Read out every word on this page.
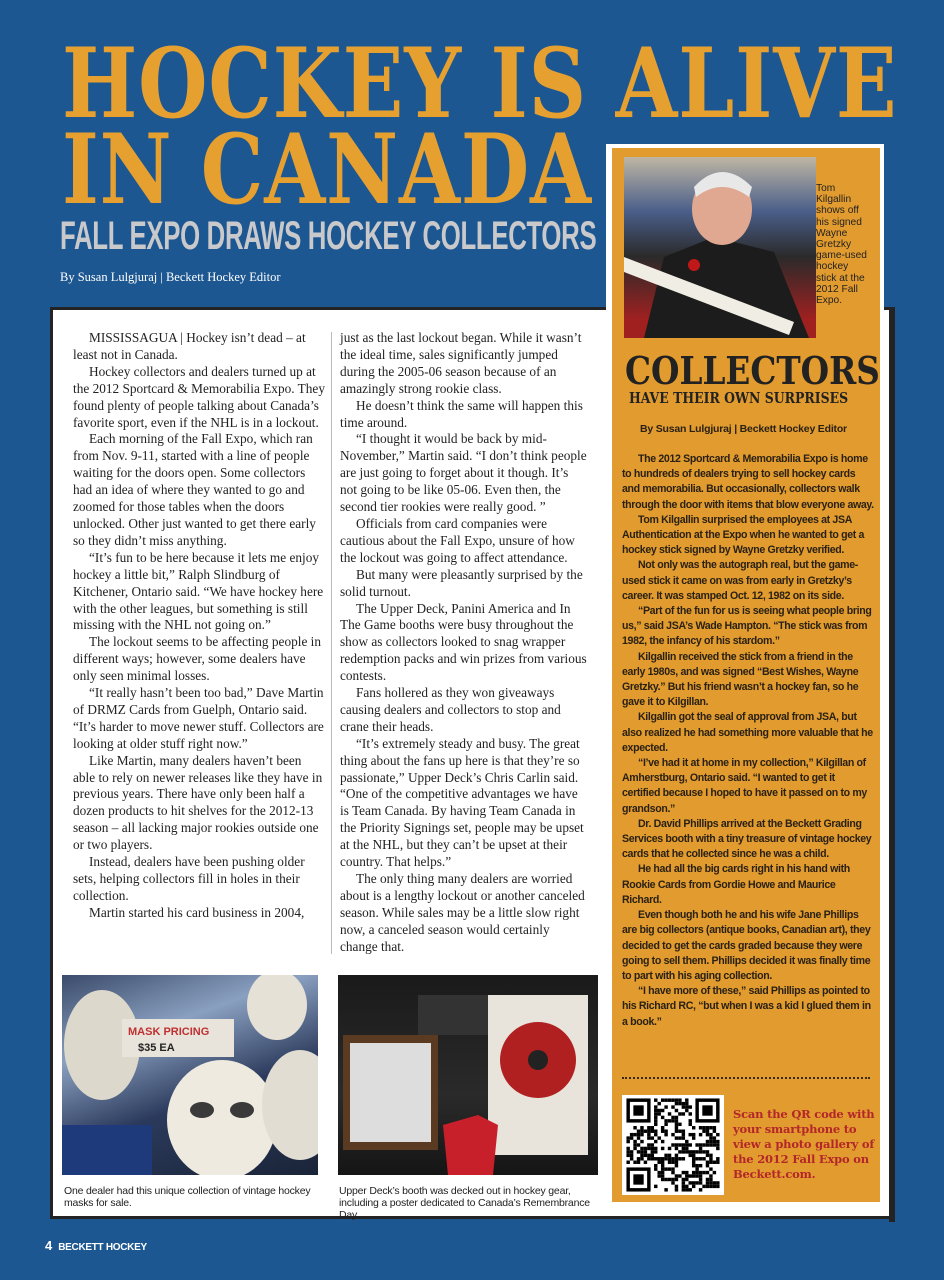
HOCKEY IS ALIVE
IN CANADA
FALL EXPO DRAWS HOCKEY COLLECTORS
By Susan Lulgjuraj | Beckett Hockey Editor

MISSISSAGUA | Hockey isn’t dead – at least not in Canada.

Hockey collectors and dealers turned up at the 2012 Sportcard & Memorabilia Expo. They found plenty of people talking about Canada’s favorite sport, even if the NHL is in a lockout.

Each morning of the Fall Expo, which ran from Nov. 9-11, started with a line of people waiting for the doors open. Some collectors had an idea of where they wanted to go and zoomed for those tables when the doors unlocked. Other just wanted to get there early so they didn’t miss anything.

“It’s fun to be here because it lets me enjoy hockey a little bit,” Ralph Slindburg of Kitchener, Ontario said. “We have hockey here with the other leagues, but something is still missing with the NHL not going on.”

The lockout seems to be affecting people in different ways; however, some dealers have only seen minimal losses.

“It really hasn’t been too bad,” Dave Martin of DRMZ Cards from Guelph, Ontario said. “It’s harder to move newer stuff. Collectors are looking at older stuff right now.”

Like Martin, many dealers haven’t been able to rely on newer releases like they have in previous years. There have only been half a dozen products to hit shelves for the 2012-13 season – all lacking major rookies outside one or two players.

Instead, dealers have been pushing older sets, helping collectors fill in holes in their collection.

Martin started his card business in 2004,

just as the last lockout began. While it wasn’t the ideal time, sales significantly jumped during the 2005-06 season because of an amazingly strong rookie class.

He doesn’t think the same will happen this time around.

“I thought it would be back by mid-November,” Martin said. “I don’t think people are just going to forget about it though. It’s not going to be like 05-06. Even then, the second tier rookies were really good. ”

Officials from card companies were cautious about the Fall Expo, unsure of how the lockout was going to affect attendance.

But many were pleasantly surprised by the solid turnout.

The Upper Deck, Panini America and In The Game booths were busy throughout the show as collectors looked to snag wrapper redemption packs and win prizes from various contests.

Fans hollered as they won giveaways causing dealers and collectors to stop and crane their heads.

“It’s extremely steady and busy. The great thing about the fans up here is that they’re so passionate,” Upper Deck’s Chris Carlin said. “One of the competitive advantages we have is Team Canada. By having Team Canada in the Priority Signings set, people may be upset at the NHL, but they can’t be upset at their country. That helps.”

The only thing many dealers are worried about is a lengthy lockout or another canceled season. While sales may be a little slow right now, a canceled season would certainly change that.

MASK PRICING
$35 EA
One dealer had this unique collection of vintage hockey masks for sale.
Upper Deck’s booth was decked out in hockey gear, including a poster dedicated to Canada’s Remembrance Day.
4 BECKETT HOCKEY
Tom Kilgallin shows off his signed Wayne Gretzky game-used hockey stick at the 2012 Fall Expo.
COLLECTORS
HAVE THEIR OWN SURPRISES
By Susan Lulgjuraj | Beckett Hockey Editor

The 2012 Sportcard & Memorabilia Expo is home to hundreds of dealers trying to sell hockey cards and memorabilia. But occasionally, collectors walk through the door with items that blow everyone away.

Tom Kilgallin surprised the employees at JSA Authentication at the Expo when he wanted to get a hockey stick signed by Wayne Gretzky verified.

Not only was the autograph real, but the game-used stick it came on was from early in Gretzky’s career. It was stamped Oct. 12, 1982 on its side.

“Part of the fun for us is seeing what people bring us,” said JSA’s Wade Hampton. “The stick was from 1982, the infancy of his stardom.”

Kilgallin received the stick from a friend in the early 1980s, and was signed “Best Wishes, Wayne Gretzky.” But his friend wasn’t a hockey fan, so he gave it to Kilgillan.

Kilgallin got the seal of approval from JSA, but also realized he had something more valuable that he expected.

“I’ve had it at home in my collection,” Kilgillan of Amherstburg, Ontario said. “I wanted to get it certified because I hoped to have it passed on to my grandson.”

Dr. David Phillips arrived at the Beckett Grading Services booth with a tiny treasure of vintage hockey cards that he collected since he was a child.

He had all the big cards right in his hand with Rookie Cards from Gordie Howe and Maurice Richard.

Even though both he and his wife Jane Phillips are big collectors (antique books, Canadian art), they decided to get the cards graded because they were going to sell them. Phillips decided it was finally time to part with his aging collection.

“I have more of these,” said Phillips as pointed to his Richard RC, “but when I was a kid I glued them in a book.”

Scan the QR code with your smartphone to view a photo gallery of the 2012 Fall Expo on Beckett.com.
